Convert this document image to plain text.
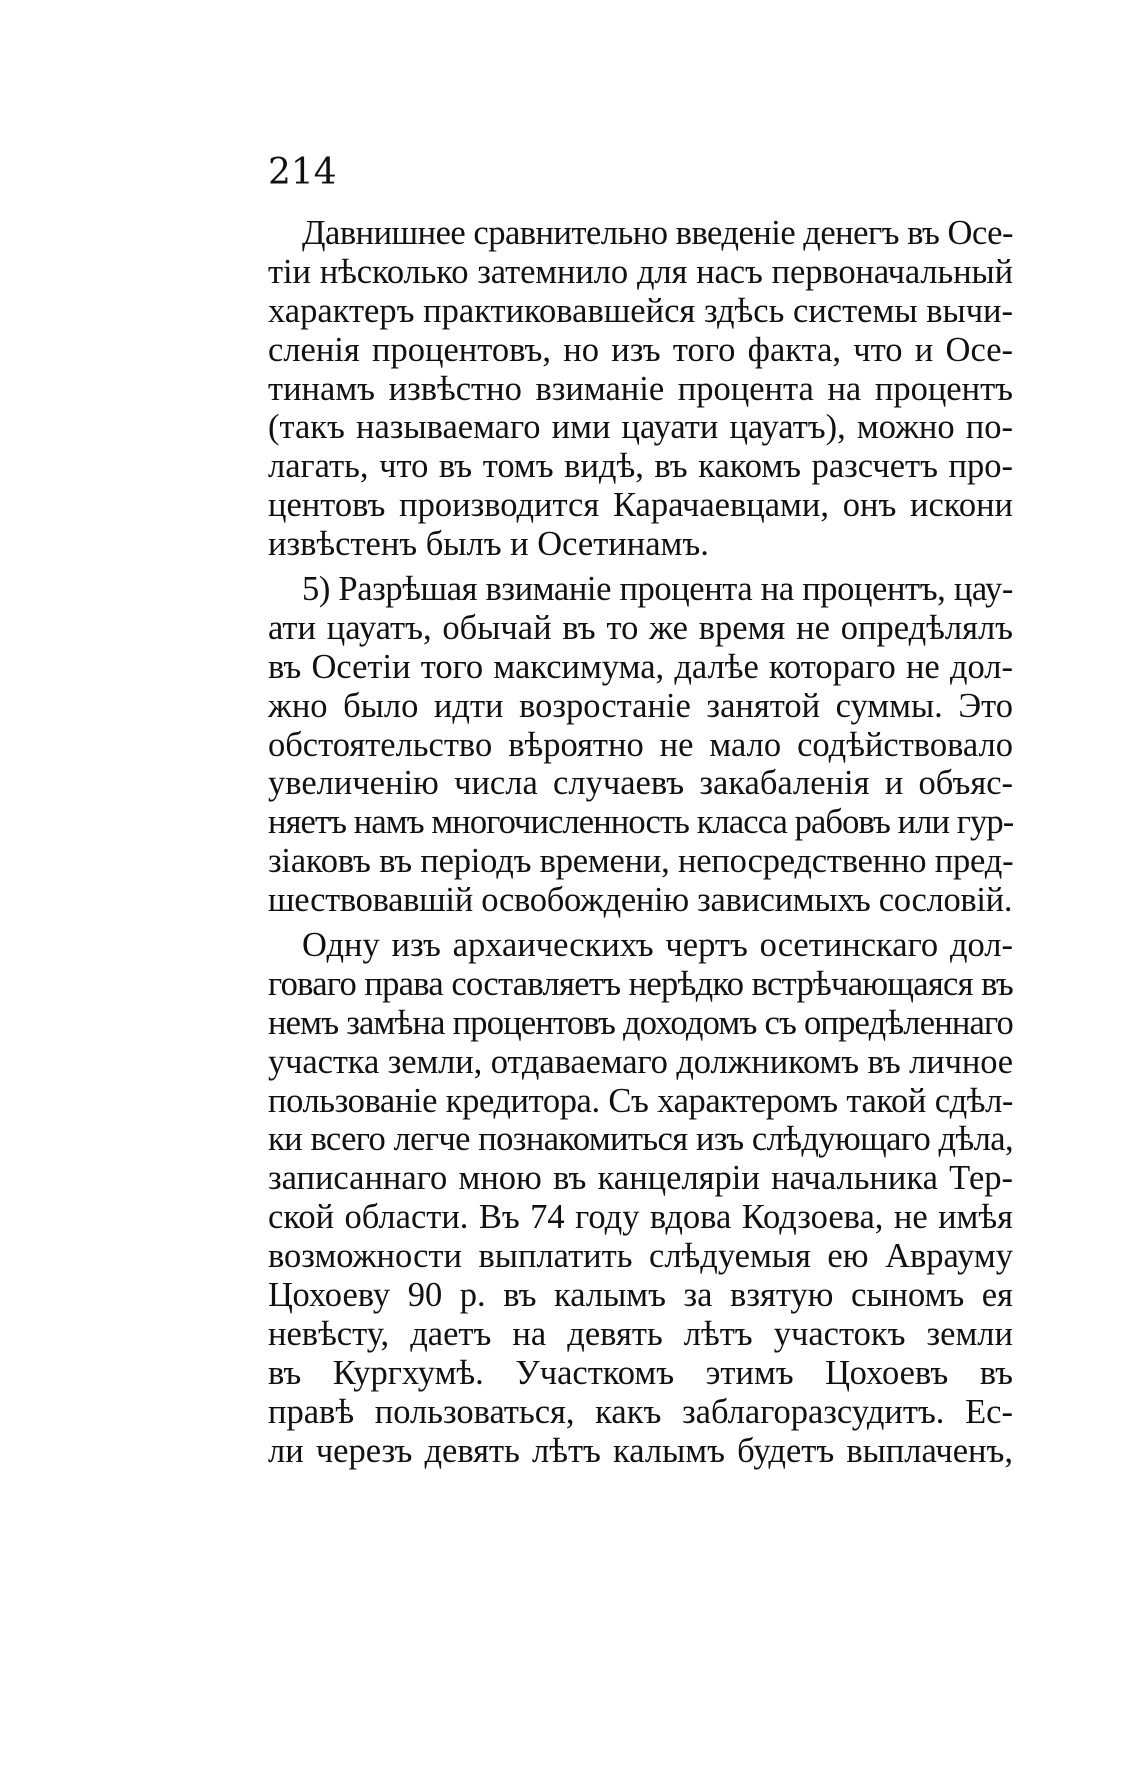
214
Давнишнее сравнительно введеніе денегъ въ Осе-
тіи нѣсколько затемнило для насъ первоначальный
характеръ практиковавшейся здѣсь системы вычи-
сленія процентовъ, но изъ того факта, что и Осе-
тинамъ извѣстно взиманіе процента на процентъ
(такъ называемаго ими цауати цауатъ), можно по-
лагать, что въ томъ видѣ, въ какомъ разсчетъ про-
центовъ производится Карачаевцами, онъ искони
извѣстенъ былъ и Осетинамъ.
5) Разрѣшая взиманіе процента на процентъ, цау-
ати цауатъ, обычай въ то же время не опредѣлялъ
въ Осетіи того максимума, далѣе котораго не дол-
жно было идти возростаніе занятой суммы. Это
обстоятельство вѣроятно не мало содѣйствовало
увеличенію числа случаевъ закабаленія и объяс-
няетъ намъ многочисленность класса рабовъ или гур-
зіаковъ въ періодъ времени, непосредственно пред-
шествовавшій освобожденію зависимыхъ сословій.
Одну изъ архаическихъ чертъ осетинскаго дол-
говаго права составляетъ нерѣдко встрѣчающаяся въ
немъ замѣна процентовъ доходомъ съ опредѣленнаго
участка земли, отдаваемаго должникомъ въ личное
пользованіе кредитора. Съ характеромъ такой сдѣл-
ки всего легче познакомиться изъ слѣдующаго дѣла,
записаннаго мною въ канцеляріи начальника Тер-
ской области. Въ 74 году вдова Кодзоева, не имѣя
возможности выплатить слѣдуемыя ею Аврауму
Цохоеву 90 р. въ калымъ за взятую сыномъ ея
невѣсту, даетъ на девять лѣтъ участокъ земли
въ Кургхумѣ. Участкомъ этимъ Цохоевъ въ
правѣ пользоваться, какъ заблагоразсудитъ. Ес-
ли черезъ девять лѣтъ калымъ будетъ выплаченъ,
